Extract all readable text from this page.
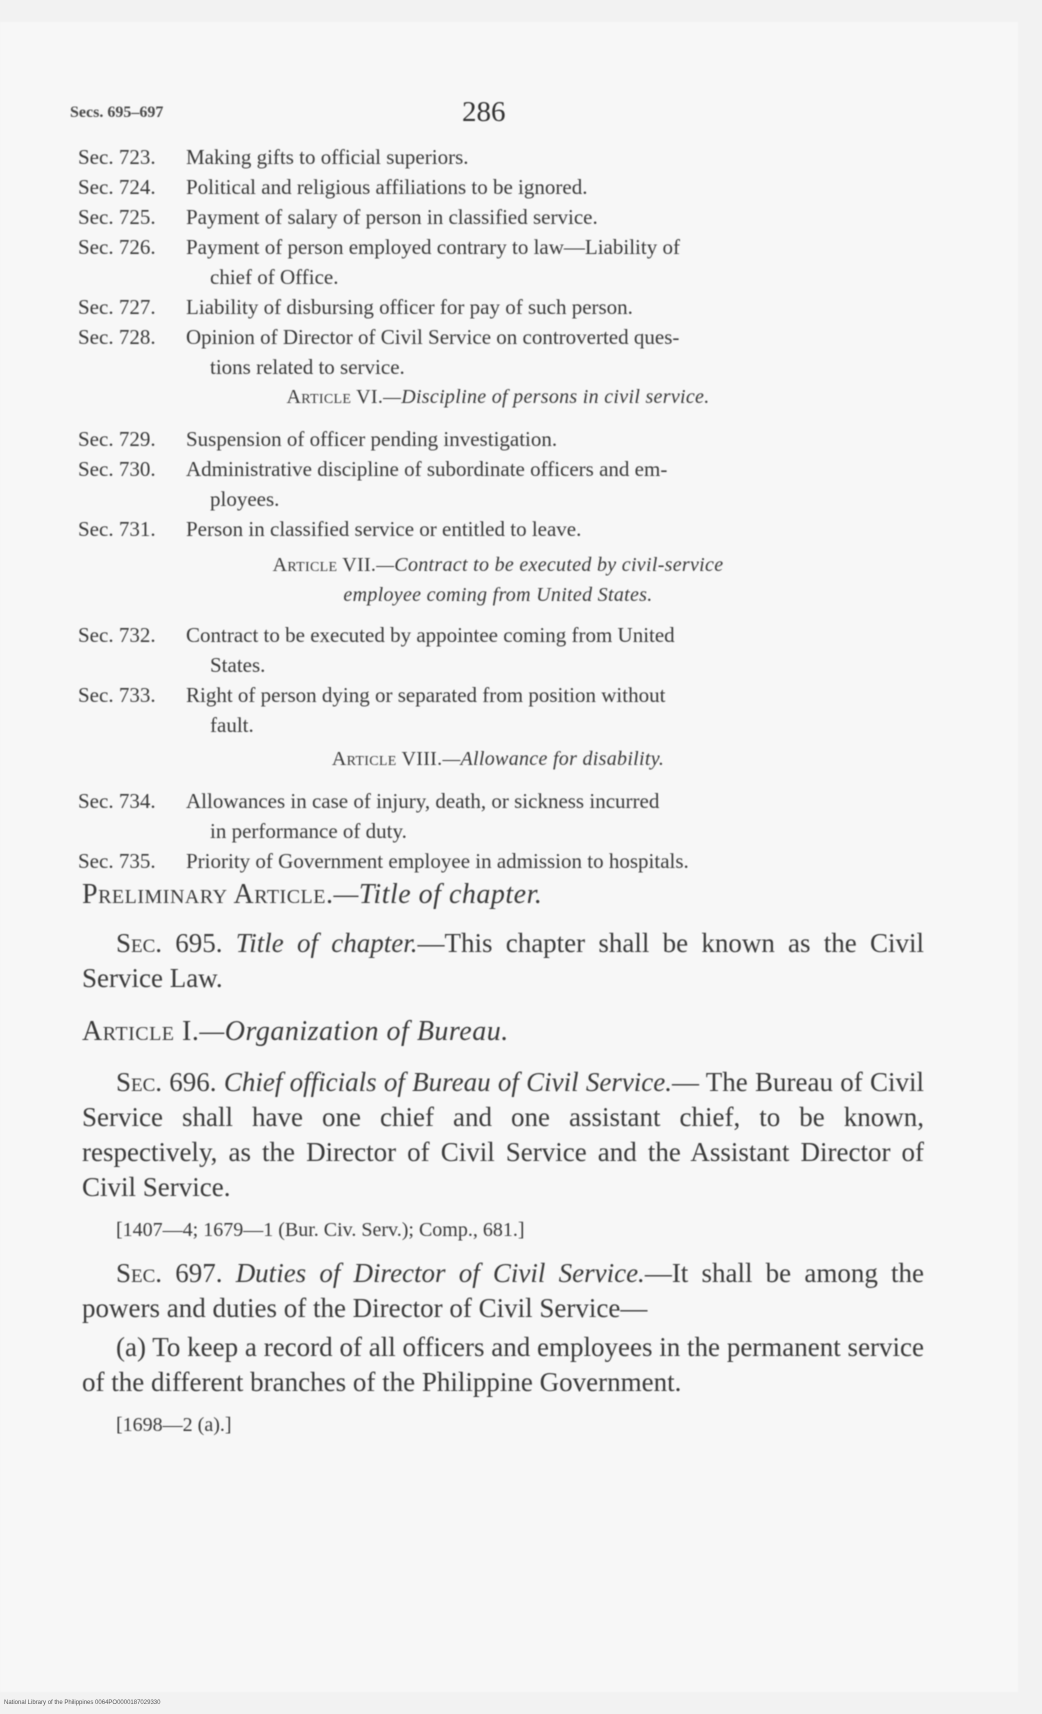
Secs. 695–697	286
Sec. 723. Making gifts to official superiors.
Sec. 724. Political and religious affiliations to be ignored.
Sec. 725. Payment of salary of person in classified service.
Sec. 726. Payment of person employed contrary to law—Liability of
chief of Office.
Sec. 727. Liability of disbursing officer for pay of such person.
Sec. 728. Opinion of Director of Civil Service on controverted ques-
tions related to service.
Article VI.—Discipline of persons in civil service.
Sec. 729. Suspension of officer pending investigation.
Sec. 730. Administrative discipline of subordinate officers and em-
ployees.
Sec. 731. Person in classified service or entitled to leave.
Article VII.—Contract to be executed by civil-service
employee coming from United States.
Sec. 732. Contract to be executed by appointee coming from United
States.
Sec. 733. Right of person dying or separated from position without
fault.
Article VIII.—Allowance for disability.
Sec. 734. Allowances in case of injury, death, or sickness incurred
in performance of duty.
Sec. 735. Priority of Government employee in admission to hospitals.

Preliminary Article.—Title of chapter.

Sec. 695. Title of chapter.—This chapter shall be known as the Civil Service Law.

Article I.—Organization of Bureau.

Sec. 696. Chief officials of Bureau of Civil Service.— The Bureau of Civil Service shall have one chief and one assistant chief, to be known, respectively, as the Director of Civil Service and the Assistant Director of Civil Service.

[1407—4; 1679—1 (Bur. Civ. Serv.); Comp., 681.]

Sec. 697. Duties of Director of Civil Service.—It shall be among the powers and duties of the Director of Civil Service—

(a) To keep a record of all officers and employees in the permanent service of the different branches of the Philippine Government.

[1698—2 (a).]

National Library of the Philippines 0064PO0000187029330
